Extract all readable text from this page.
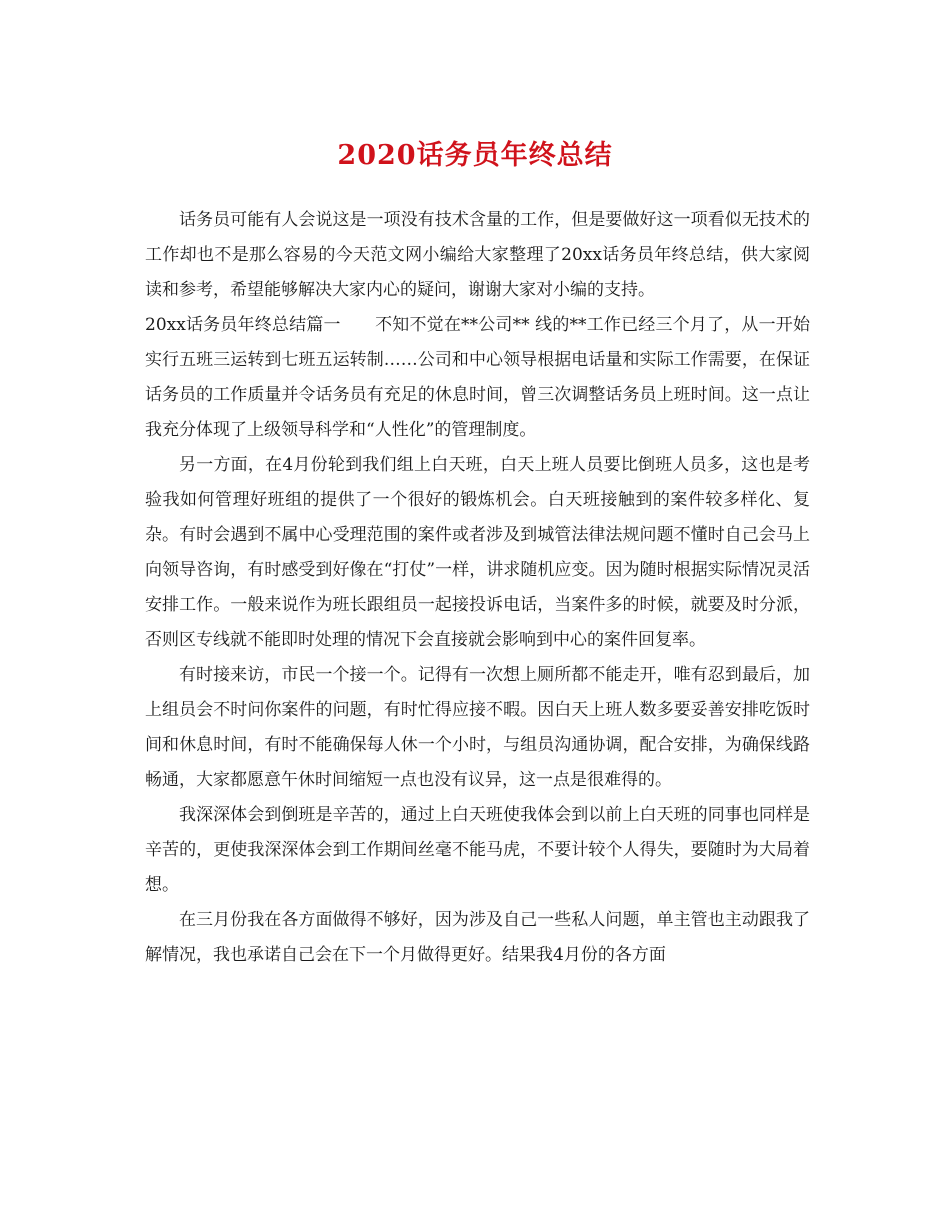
2020话务员年终总结

话务员可能有人会说这是一项没有技术含量的工作，但是要做好这一项看似无技术的工作却也不是那么容易的今天范文网小编给大家整理了20xx话务员年终总结，供大家阅读和参考，希望能够解决大家内心的疑问，谢谢大家对小编的支持。

20xx话务员年终总结篇一　　不知不觉在**公司** 线的**工作已经三个月了，从一开始实行五班三运转到七班五运转制……公司和中心领导根据电话量和实际工作需要，在保证话务员的工作质量并令话务员有充足的休息时间，曾三次调整话务员上班时间。这一点让我充分体现了上级领导科学和“人性化”的管理制度。

另一方面，在4月份轮到我们组上白天班，白天上班人员要比倒班人员多，这也是考验我如何管理好班组的提供了一个很好的锻炼机会。白天班接触到的案件较多样化、复杂。有时会遇到不属中心受理范围的案件或者涉及到城管法律法规问题不懂时自己会马上向领导咨询，有时感受到好像在“打仗”一样，讲求随机应变。因为随时根据实际情况灵活安排工作。一般来说作为班长跟组员一起接投诉电话，当案件多的时候，就要及时分派，否则区专线就不能即时处理的情况下会直接就会影响到中心的案件回复率。

有时接来访，市民一个接一个。记得有一次想上厕所都不能走开，唯有忍到最后，加上组员会不时问你案件的问题，有时忙得应接不暇。因白天上班人数多要妥善安排吃饭时间和休息时间，有时不能确保每人休一个小时，与组员沟通协调，配合安排，为确保线路畅通，大家都愿意午休时间缩短一点也没有议异，这一点是很难得的。

我深深体会到倒班是辛苦的，通过上白天班使我体会到以前上白天班的同事也同样是辛苦的，更使我深深体会到工作期间丝毫不能马虎，不要计较个人得失，要随时为大局着想。

在三月份我在各方面做得不够好，因为涉及自己一些私人问题，单主管也主动跟我了解情况，我也承诺自己会在下一个月做得更好。结果我4月份的各方面
